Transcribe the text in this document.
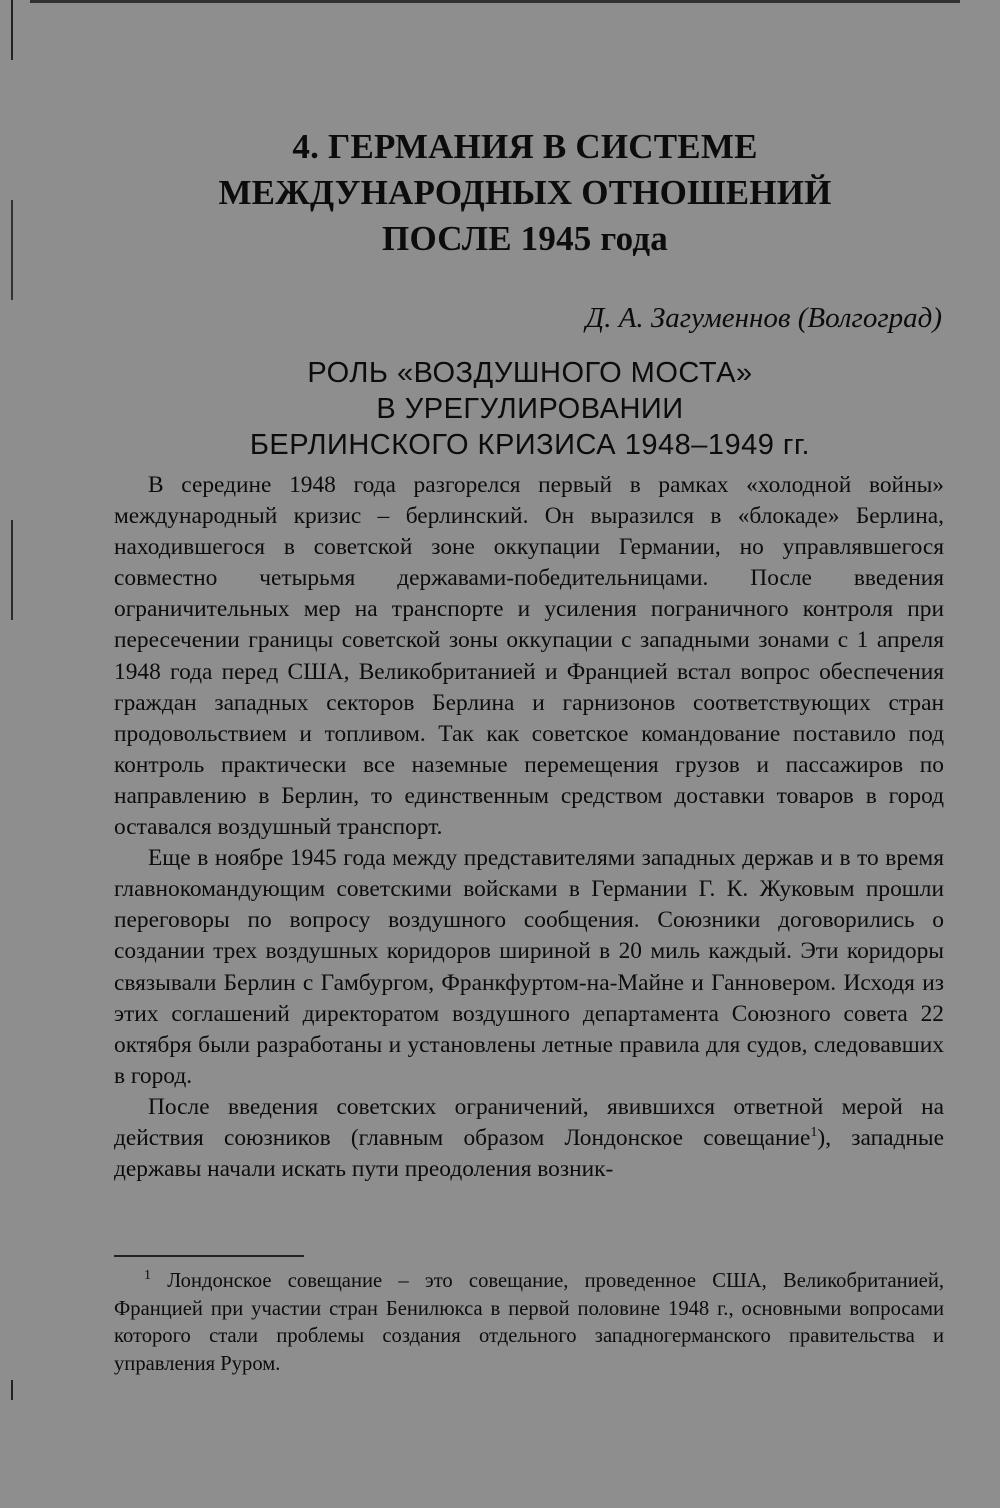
4. ГЕРМАНИЯ В СИСТЕМЕ
МЕЖДУНАРОДНЫХ ОТНОШЕНИЙ
ПОСЛЕ 1945 года
Д. А. Загуменнов (Волгоград)
РОЛЬ «ВОЗДУШНОГО МОСТА»
В УРЕГУЛИРОВАНИИ
БЕРЛИНСКОГО КРИЗИСА 1948–1949 гг.

В середине 1948 года разгорелся первый в рамках «холодной войны» международный кризис – берлинский. Он выразился в «блокаде» Берлина, находившегося в советской зоне оккупации Германии, но управлявшегося совместно четырьмя державами-победительницами. После введения ограничительных мер на транспорте и усиления пограничного контроля при пересечении границы советской зоны оккупации с западными зонами с 1 апреля 1948 года перед США, Великобританией и Францией встал вопрос обеспечения граждан западных секторов Берлина и гарнизонов соответствующих стран продовольствием и топливом. Так как советское командование поставило под контроль практически все наземные перемещения грузов и пассажиров по направлению в Берлин, то единственным средством доставки товаров в город оставался воздушный транспорт.

Еще в ноябре 1945 года между представителями западных держав и в то время главнокомандующим советскими войсками в Германии Г. К. Жуковым прошли переговоры по вопросу воздушного сообщения. Союзники договорились о создании трех воздушных коридоров шириной в 20 миль каждый. Эти коридоры связывали Берлин с Гамбургом, Франкфуртом-на-Майне и Ганновером. Исходя из этих соглашений директоратом воздушного департамента Союзного совета 22 октября были разработаны и установлены летные правила для судов, следовавших в город.

После введения советских ограничений, явившихся ответной мерой на действия союзников (главным образом Лондонское совещание$^1$), западные державы начали искать пути преодоления возник-

$^1$ Лондонское совещание – это совещание, проведенное США, Великобританией, Францией при участии стран Бенилюкса в первой половине 1948 г., основными вопросами которого стали проблемы создания отдельного западногерманского правительства и управления Руром.
